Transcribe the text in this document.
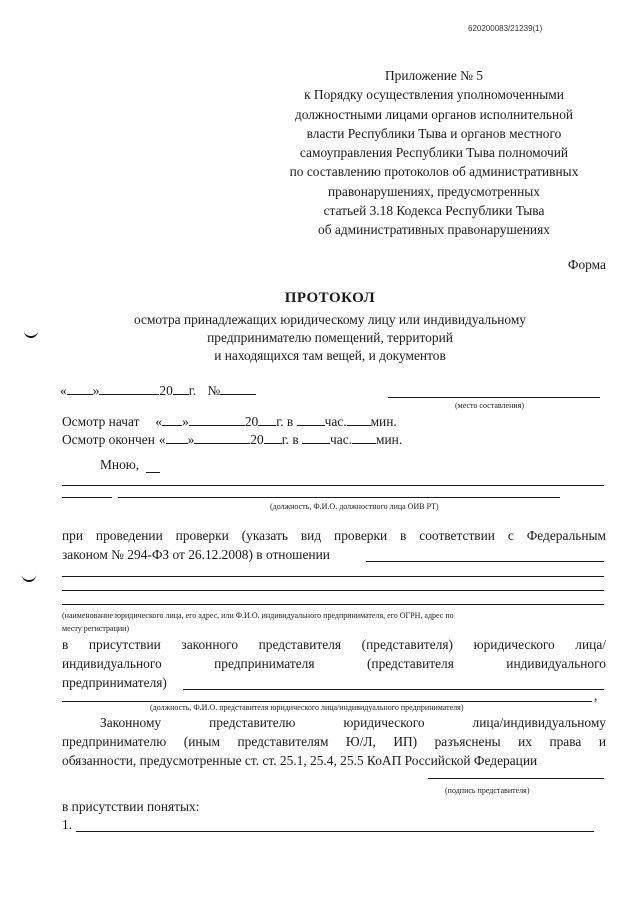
620200083/21239(1)
Приложение № 5
к Порядку осуществления уполномоченными
должностными лицами органов исполнительной
власти Республики Тыва и органов местного
самоуправления Республики Тыва полномочий
по составлению протоколов об административных
правонарушениях, предусмотренных
статьей 3.18 Кодекса Республики Тыва
об административных правонарушениях
Форма
ПРОТОКОЛ
осмотра принадлежащих юридическому лицу или индивидуальному
предпринимателю помещений, территорий
и находящихся там вещей, и документов
« »	20 г. №
(место составления)
Осмотр начат « »	20 г. в час. мин.
Осмотр окончен « »	20 г. в час. мин.
Мною,
(должность, Ф.И.О. должностного лица ОИВ РТ)
при проведении проверки (указать вид проверки в соответствии с Федеральным
законом № 294-ФЗ от 26.12.2008) в отношении
(наименование юридического лица, его адрес, или Ф.И.О. индивидуального предпринимателя, его ОГРН, адрес по
месту регистрации)
в присутствии законного представителя (представителя) юридического лица/
индивидуального предпринимателя (представителя индивидуального
предпринимателя)
,
(должность, Ф.И.О. представителя юридического лица/индивидуального предпринимателя)
Законному представителю юридического лица/индивидуальному
предпринимателю (иным представителям Ю/Л, ИП) разъяснены их права и
обязанности, предусмотренные ст. ст. 25.1, 25.4, 25.5 КоАП Российской Федерации
(подпись представителя)
в присутствии понятых:
1.
